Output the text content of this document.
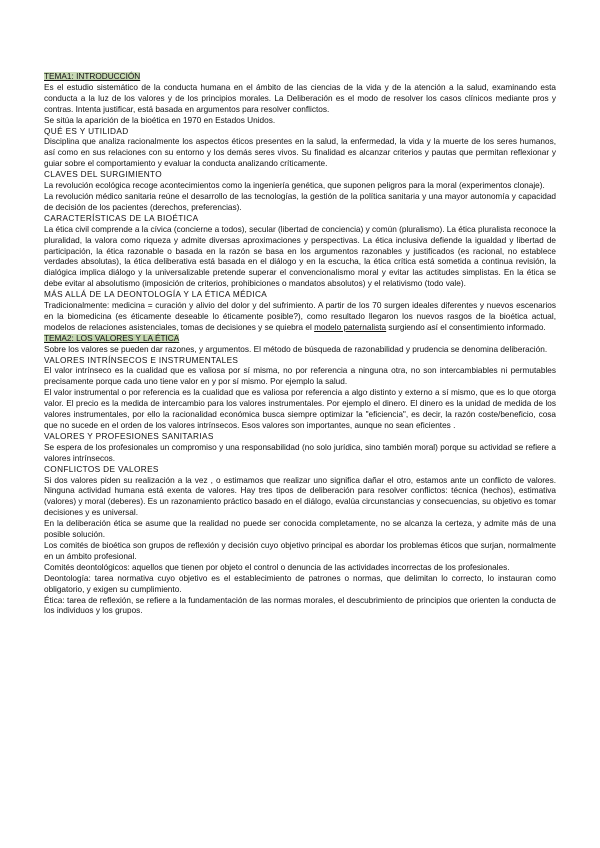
TEMA1: INTRODUCCIÓN

Es el estudio sistemático de la conducta humana en el ámbito de las ciencias de la vida y de la atención a la salud, examinando esta conducta a la luz de los valores y de los principios morales. La Deliberación es el modo de resolver los casos clínicos mediante pros y contras. Intenta justificar, está basada en argumentos para resolver conflictos.

Se sitúa la aparición de la bioética en 1970 en Estados Unidos.

QUÉ ES Y UTILIDAD

Disciplina que analiza racionalmente los aspectos éticos presentes en la salud, la enfermedad, la vida y la muerte de los seres humanos, así como en sus relaciones con su entorno y los demás seres vivos. Su finalidad es alcanzar criterios y pautas que permitan reflexionar y guiar sobre el comportamiento y evaluar la conducta analizando críticamente.

CLAVES DEL SURGIMIENTO

La revolución ecológica recoge acontecimientos como la ingeniería genética, que suponen peligros para la moral (experimentos clonaje).

La revolución médico sanitaria reúne el desarrollo de las tecnologías, la gestión de la política sanitaria y una mayor autonomía y capacidad de decisión de los pacientes (derechos, preferencias).

CARACTERÍSTICAS DE LA BIOÉTICA

La ética civil comprende a la cívica (concierne a todos), secular (libertad de conciencia) y común (pluralismo). La ética pluralista reconoce la pluralidad, la valora como riqueza y admite diversas aproximaciones y perspectivas. La ética inclusiva defiende la igualdad y libertad de participación, la ética razonable o basada en la razón se basa en los argumentos razonables y justificados (es racional, no establece verdades absolutas), la ética deliberativa está basada en el diálogo y en la escucha, la ética crítica está sometida a continua revisión, la dialógica implica diálogo y la universalizable pretende superar el convencionalismo moral y evitar las actitudes simplistas. En la ética se debe evitar al absolutismo (imposición de criterios, prohibiciones o mandatos absolutos) y el relativismo (todo vale).

MÁS ALLÁ DE LA DEONTOLOGÍA Y LA ÉTICA MÉDICA

Tradicionalmente: medicina = curación y alivio del dolor y del sufrimiento. A partir de los 70 surgen ideales diferentes y nuevos escenarios en la biomedicina (es éticamente deseable lo éticamente posible?), como resultado llegaron los nuevos rasgos de la bioética actual, modelos de relaciones asistenciales, tomas de decisiones y se quiebra el modelo paternalista surgiendo así el consentimiento informado.

TEMA2: LOS VALORES Y LA ÉTICA

Sobre los valores se pueden dar razones, y argumentos. El método de búsqueda de razonabilidad y prudencia se denomina deliberación.

VALORES INTRÍNSECOS E INSTRUMENTALES

El valor intrínseco es la cualidad que es valiosa por sí misma, no por referencia a ninguna otra, no son intercambiables ni permutables precisamente porque cada uno tiene valor en y por sí mismo. Por ejemplo la salud.

El valor instrumental o por referencia es la cualidad que es valiosa por referencia a algo distinto y externo a sí mismo, que es lo que otorga valor. El precio es la medida de intercambio para los valores instrumentales. Por ejemplo el dinero. El dinero es la unidad de medida de los valores instrumentales, por ello la racionalidad económica busca siempre optimizar la "eficiencia", es decir, la razón coste/beneficio, cosa que no sucede en el orden de los valores intrínsecos. Esos valores son importantes, aunque no sean eficientes .

VALORES Y PROFESIONES SANITARIAS

Se espera de los profesionales un compromiso y una responsabilidad (no solo jurídica, sino también moral) porque su actividad se refiere a valores intrínsecos.

CONFLICTOS DE VALORES

Si dos valores piden su realización a la vez , o estimamos que realizar uno significa dañar el otro, estamos ante un conflicto de valores. Ninguna actividad humana está exenta de valores. Hay tres tipos de deliberación para resolver conflictos: técnica (hechos), estimativa (valores) y moral (deberes). Es un razonamiento práctico basado en el diálogo, evalúa circunstancias y consecuencias, su objetivo es tomar decisiones y es universal.

En la deliberación ética se asume que la realidad no puede ser conocida completamente, no se alcanza la certeza, y admite más de una posible solución.

Los comités de bioética son grupos de reflexión y decisión cuyo objetivo principal es abordar los problemas éticos que surjan, normalmente en un ámbito profesional.

Comités deontológicos: aquellos que tienen por objeto el control o denuncia de las actividades incorrectas de los profesionales.

Deontología: tarea normativa cuyo objetivo es el establecimiento de patrones o normas, que delimitan lo correcto, lo instauran como obligatorio, y exigen su cumplimiento.

Ética: tarea de reflexión, se refiere a la fundamentación de las normas morales, el descubrimiento de principios que orienten la conducta de los individuos y los grupos.
